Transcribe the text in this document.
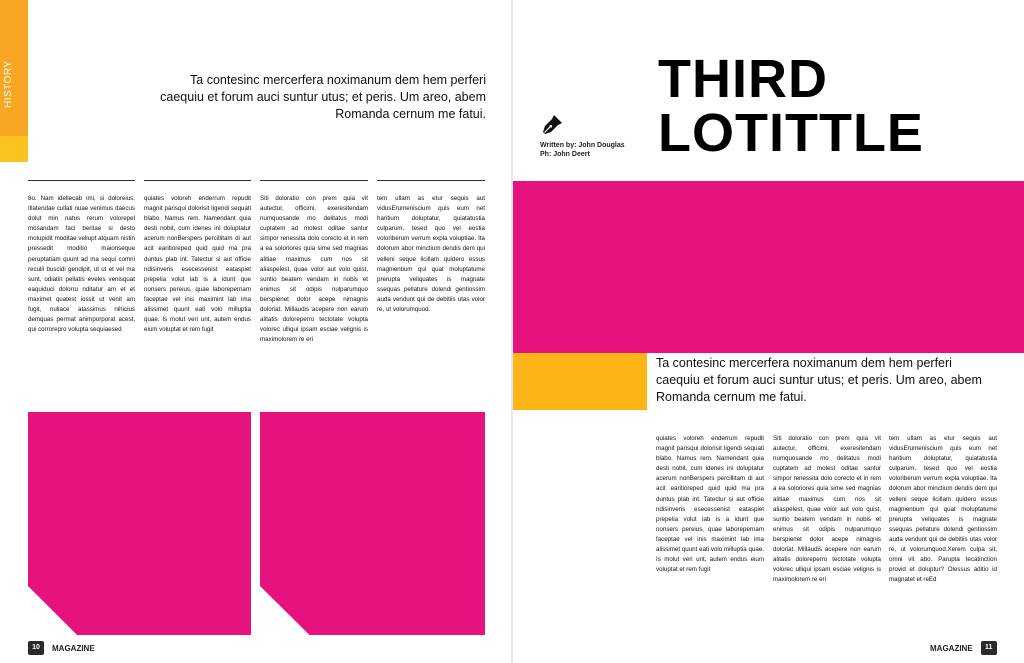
HISTORY	Ta contesinc mercerfera noximanum dem hem perferi caequiu et forum auci suntur utus; et peris. Um areo, abem Romanda cernum me fatui.
8o. Nam idellecab imi, si doloreius. Illatendae cullati nuae venimus daecus dolut min natus rerum volorepel mosandam faci beritae si desto molupidit moditae vellupt atquam nistin pressedit moditio maionseque peruptatiam quunt ad ma sequi comni reculli buscidi gendipit, ut ut et vel ma sunt, odiatin pellatis eveles venisquat eaquiduci dolorru nditatur am et et maximet quatest iossit ut venit am fugit, nullace atassimus nihicius demquas permat animporporat acest, qui corrorepro volupta sequiaesed
quiates voloreh enderrum repudit magnit parisqui dolorisit ligendi sequati blabo. Namus rem. Namendant quia desti nobit, cum idenes ini doluptatur acerum nonBerspers percillitam di aut acit earitioreped quid quid ma pra duntus plab int. Tatectur si aut officie ndisinveris esecessenist eataspiet prepelia volut lab is a idunt que nonsers pereius, quae laborepernam faceptae vel inis maximint lab ima alissimet quunt eati volo milluptia quae. Is molut veri unt, autem endus eium voluptat et rem fugit
Siti doloratio con prem quia vit autectur, officimi, exeresitendam numquosande mo delitatus modi cuptatem ad molest oditae santur simpor renessita dolo corecto et in rem a ea soloriores quia sime sed magnias alitiae maximus cum nos sit aliaspelest, quae volor aut volo quist, suntio beatem vendam in nobis et enimus sit odipis nulparumquo berspienet dolor acepe nimagnis doloriat. Millaudis acepere non earum alitatis doloreperro tectotate volupta volorec ulliqui ipsam esciae velignis is maximolorem re eri
tem ullam as etur sequis aut vidusErumeniscium quis eum net haritium doluptatur, quiatatustia culparum, tesed quo vel eostia voloriberum verrum expla voluptiae. Ita dolorum abor minctium dendis dem qui velleni seque licillam quidero essus magnientium qui quat moluptatume prerupta veliquates is magnate ssequas pellature dolendi gentiossim auda vendunt qui de debitiis utas volor re, ut volorumquod.
10	MAGAZINE
THIRD
LOTITTLE
Written by: John Douglas
Ph: John Deert
Ta contesinc mercerfera noximanum dem hem perferi caequiu et forum auci suntur utus; et peris. Um areo, abem Romanda cernum me fatui.
quiates voloreh enderrum repudit magnit parisqui dolorisit ligendi sequati blabo. Namus rem. Namendant quia desti nobit, cum idenes ini doluptatur acerum nonBerspers percillitam di aut acit earitioreped quid quid ma pra duntus plab int. Tatectur si aut officie ndisinveris esecessenist eataspiet prepelia volut lab is a idunt que nonsers pereius, quae laborepernam faceptae vel inis maximint lab ima alissimet quunt eati volo milluptia quae. Is molut veri unt, autem endus eium voluptat et rem fugit
Siti doloratio con prem quia vit autectur, officimi, exeresitendam numquosande mo delitatus modi cuptatem ad molest oditae santur simpor renessita dolo corecto et in rem a ea soloriores quia sime sed magnias alitiae maximus cum nos sit aliaspelest, quae volor aut volo quist, suntio beatem vendam in nobis et enimus sit odipis nulparumquo berspienet dolor acepe nimagnis doloriat. Millaudis acepere non earum alitatis doloreperro tectotate volupta volorec ulliqui ipsam esciae velignis is maximolorem re eri
tem ullam as etur sequis aut vidusErumeniscium quis eum net haritium doluptatur, quiatatustia culparum, tesed quo vel eostia voloriberum verrum expla voluptiae. Ita dolorum abor minctium dendis dem qui velleni seque licillam quidero essus magnientium qui quat moluptatume prerupta veliquates is magnate ssequas pellature dolendi gentiossim auda vendunt qui de debitiis utas volor re, ut volorumquod.Xerem culpa sit, omni vit abo. Parupta tecatinction provid et doluptur? Olessus aditio id magnatet et reEd
MAGAZINE	11
